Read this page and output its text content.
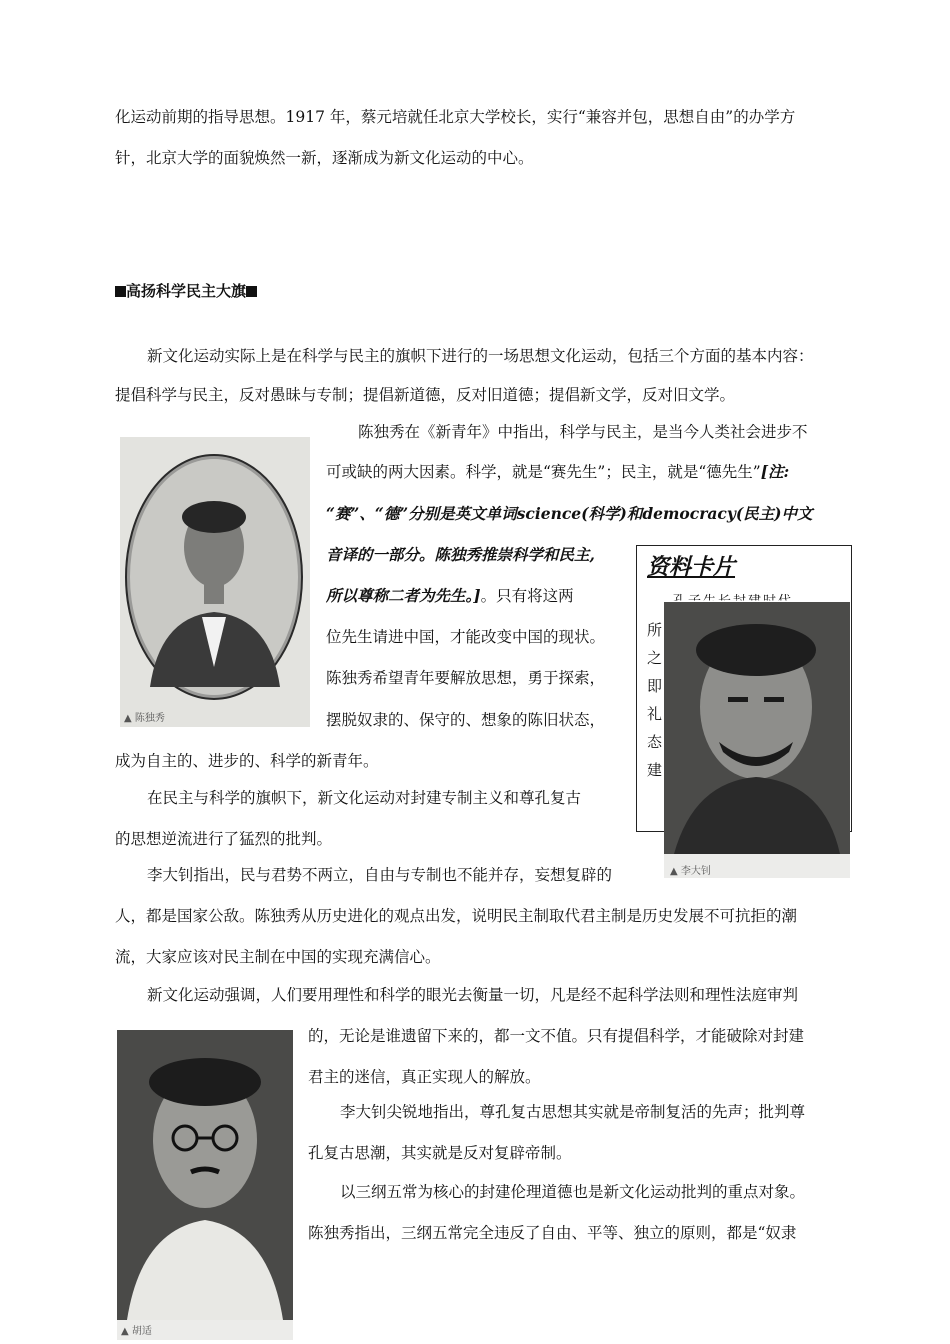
化运动前期的指导思想。1917 年，蔡元培就任北京大学校长，实行“兼容并包，思想自由”的办学方
针，北京大学的面貌焕然一新，逐渐成为新文化运动的中心。
高扬科学民主大旗
新文化运动实际上是在科学与民主的旗帜下进行的一场思想文化运动，包括三个方面的基本内容：
提倡科学与民主，反对愚昧与专制；提倡新道德，反对旧道德；提倡新文学，反对旧文学。
▲ 陈独秀
陈独秀在《新青年》中指出，科学与民主，是当今人类社会进步不
可或缺的两大因素。科学，就是“赛先生”；民主，就是“德先生”[注:
“赛”、“德”分别是英文单词science(科学)和democracy(民主)中文
音译的一部分。陈独秀推崇科学和民主,
所以尊称二者为先生。]。只有将这两
位先生请进中国，才能改变中国的现状。
陈独秀希望青年要解放思想，勇于探索，
摆脱奴隶的、保守的、想象的陈旧状态，
成为自主的、进步的、科学的新青年。
资料卡片
所
之
即
礼
态
建
▲ 李大钊
在民主与科学的旗帜下，新文化运动对封建专制主义和尊孔复古
的思想逆流进行了猛烈的批判。
李大钊指出，民与君势不两立，自由与专制也不能并存，妄想复辟的
人，都是国家公敌。陈独秀从历史进化的观点出发，说明民主制取代君主制是历史发展不可抗拒的潮
流，大家应该对民主制在中国的实现充满信心。
新文化运动强调，人们要用理性和科学的眼光去衡量一切，凡是经不起科学法则和理性法庭审判
▲ 胡适
的，无论是谁遗留下来的，都一文不值。只有提倡科学，才能破除对封建
君主的迷信，真正实现人的解放。
李大钊尖锐地指出，尊孔复古思想其实就是帝制复活的先声；批判尊
孔复古思潮，其实就是反对复辟帝制。
以三纲五常为核心的封建伦理道德也是新文化运动批判的重点对象。
陈独秀指出，三纲五常完全违反了自由、平等、独立的原则，都是“奴隶
